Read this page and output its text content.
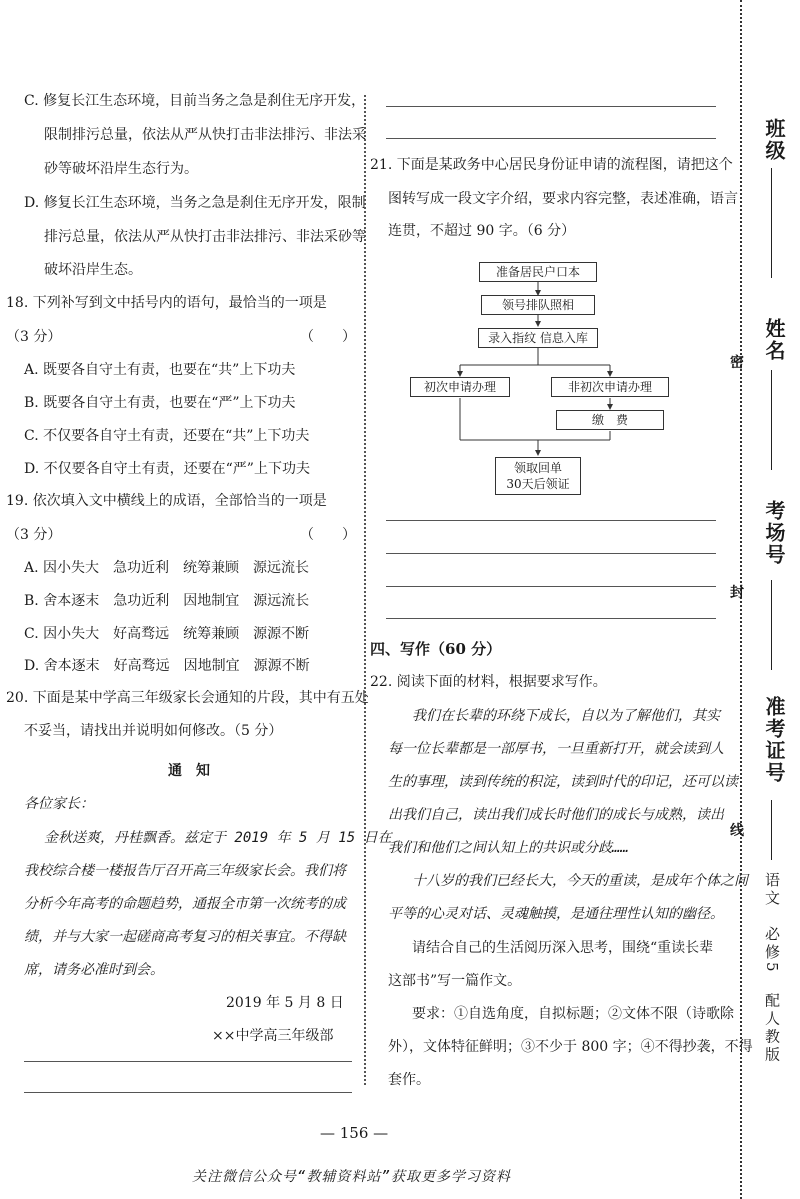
C. 修复长江生态环境，目前当务之急是刹住无序开发，
限制排污总量，依法从严从快打击非法排污、非法采
砂等破坏沿岸生态行为。
D. 修复长江生态环境，当务之急是刹住无序开发，限制
排污总量，依法从严从快打击非法排污、非法采砂等
破坏沿岸生态。
18. 下列补写到文中括号内的语句，最恰当的一项是
（3 分）	（　　）
A. 既要各自守土有责，也要在“共”上下功夫
B. 既要各自守土有责，也要在“严”上下功夫
C. 不仅要各自守土有责，还要在“共”上下功夫
D. 不仅要各自守土有责，还要在“严”上下功夫
19. 依次填入文中横线上的成语，全部恰当的一项是
（3 分）	（　　）
A. 因小失大　急功近利　统筹兼顾　源远流长
B. 舍本逐末　急功近利　因地制宜　源远流长
C. 因小失大　好高骛远　统筹兼顾　源源不断
D. 舍本逐末　好高骛远　因地制宜　源源不断
20. 下面是某中学高三年级家长会通知的片段，其中有五处
不妥当，请找出并说明如何修改。（5 分）
通　知
各位家长：
金秋送爽，丹桂飘香。兹定于 2019 年 5 月 15 日在
我校综合楼一楼报告厅召开高三年级家长会。我们将
分析今年高考的命题趋势，通报全市第一次统考的成
绩，并与大家一起磋商高考复习的相关事宜。不得缺
席，请务必准时到会。
2019 年 5 月 8 日
××中学高三年级部
21. 下面是某政务中心居民身份证申请的流程图，请把这个
图转写成一段文字介绍，要求内容完整，表述准确，语言
连贯，不超过 90 字。（6 分）
准备居民户口本
领号排队照相
录入指纹 信息入库
初次申请办理	非初次申请办理
缴　费
领取回单
30天后领证
四、写作（60 分）
22. 阅读下面的材料，根据要求写作。
我们在长辈的环绕下成长，自以为了解他们，其实
每一位长辈都是一部厚书，一旦重新打开，就会读到人
生的事理，读到传统的积淀，读到时代的印记，还可以读
出我们自己，读出我们成长时他们的成长与成熟，读出
我们和他们之间认知上的共识或分歧……
十八岁的我们已经长大，今天的重读，是成年个体之间
平等的心灵对话、灵魂触摸，是通往理性认知的幽径。
请结合自己的生活阅历深入思考，围绕“重读长辈
这部书”写一篇作文。
要求：①自选角度，自拟标题；②文体不限（诗歌除
外），文体特征鲜明；③不少于 800 字；④不得抄袭，不得
套作。
班级
姓名
密
考场号
封
准考证号
线
语文　必修5　配人教版
— 156 —
关注微信公众号“教辅资料站”获取更多学习资料
